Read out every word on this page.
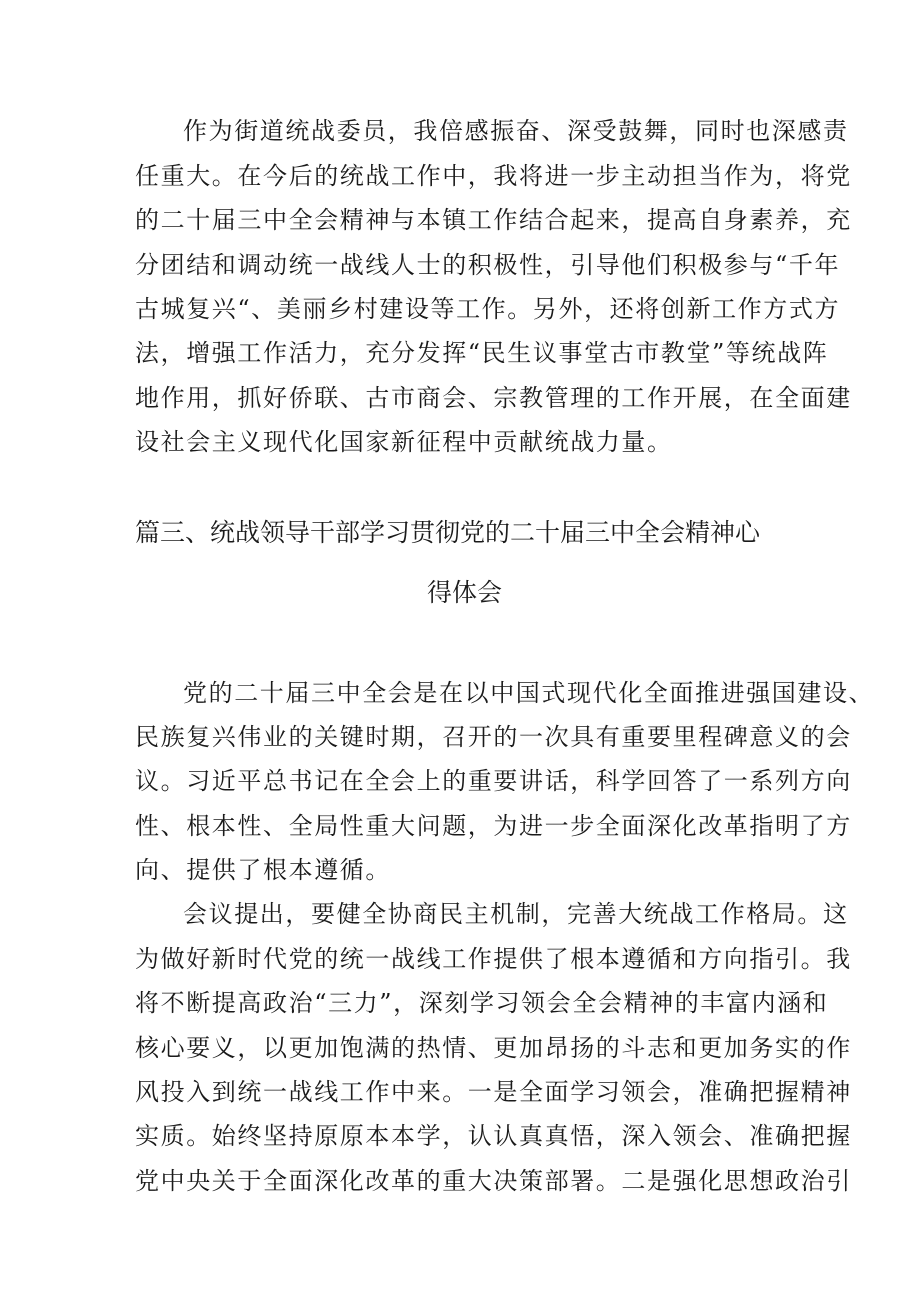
作为街道统战委员，我倍感振奋、深受鼓舞，同时也深感责

任重大。在今后的统战工作中，我将进一步主动担当作为，将党

的二十届三中全会精神与本镇工作结合起来，提高自身素养，充

分团结和调动统一战线人士的积极性，引导他们积极参与“千年

古城复兴“、美丽乡村建设等工作。另外，还将创新工作方式方

法，增强工作活力，充分发挥“民生议事堂古市教堂”等统战阵

地作用，抓好侨联、古市商会、宗教管理的工作开展，在全面建

设社会主义现代化国家新征程中贡献统战力量。

篇三、统战领导干部学习贯彻党的二十届三中全会精神心
得体会

党的二十届三中全会是在以中国式现代化全面推进强国建设、

民族复兴伟业的关键时期，召开的一次具有重要里程碑意义的会

议。习近平总书记在全会上的重要讲话，科学回答了一系列方向

性、根本性、全局性重大问题，为进一步全面深化改革指明了方

向、提供了根本遵循。

会议提出，要健全协商民主机制，完善大统战工作格局。这

为做好新时代党的统一战线工作提供了根本遵循和方向指引。我

将不断提高政治“三力”，深刻学习领会全会精神的丰富内涵和

核心要义，以更加饱满的热情、更加昂扬的斗志和更加务实的作

风投入到统一战线工作中来。一是全面学习领会，准确把握精神

实质。始终坚持原原本本学，认认真真悟，深入领会、准确把握

党中央关于全面深化改革的重大决策部署。二是强化思想政治引
